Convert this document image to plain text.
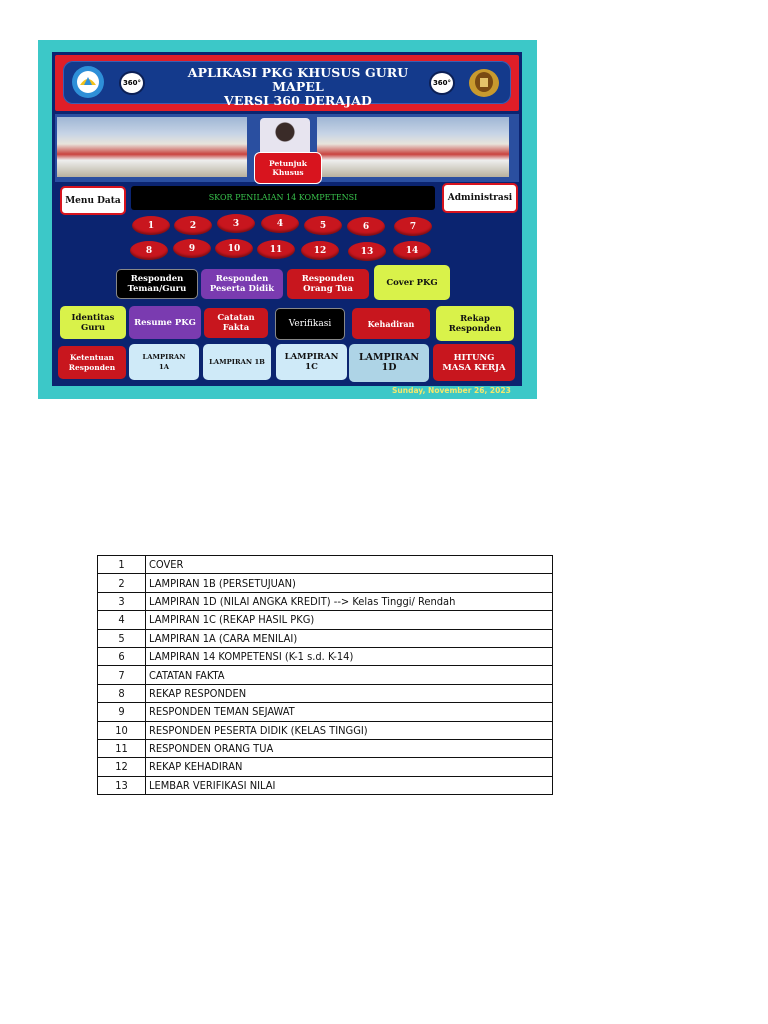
360°
APLIKASI PKG KHUSUS GURU MAPEL
VERSI 360 DERAJAD
360°
Petunjuk Khusus
Menu Data	SKOR PENILAIAN 14 KOMPETENSI	Administrasi
1	2	3	4	5	6	7
8	9	10	11	12	13	14
Responden Teman/Guru
Responden Peserta Didik
Responden Orang Tua
Cover PKG
Identitas Guru	Resume PKG	Catatan Fakta	Verifikasi	Kehadiran	Rekap Responden
Ketentuan Responden
LAMPIRAN 1A
LAMPIRAN 1B	LAMPIRAN 1C
LAMPIRAN 1D
HITUNG MASA KERJA
Sunday, November 26, 2023
1	COVER
2	LAMPIRAN 1B (PERSETUJUAN)
3	LAMPIRAN 1D (NILAI ANGKA KREDIT) --> Kelas Tinggi/ Rendah
4	LAMPIRAN 1C (REKAP HASIL PKG)
5	LAMPIRAN 1A (CARA MENILAI)
6	LAMPIRAN 14 KOMPETENSI (K-1 s.d. K-14)
7	CATATAN FAKTA
8	REKAP RESPONDEN
9	RESPONDEN TEMAN SEJAWAT
10	RESPONDEN PESERTA DIDIK (KELAS TINGGI)
11	RESPONDEN ORANG TUA
12	REKAP KEHADIRAN
13	LEMBAR VERIFIKASI NILAI
